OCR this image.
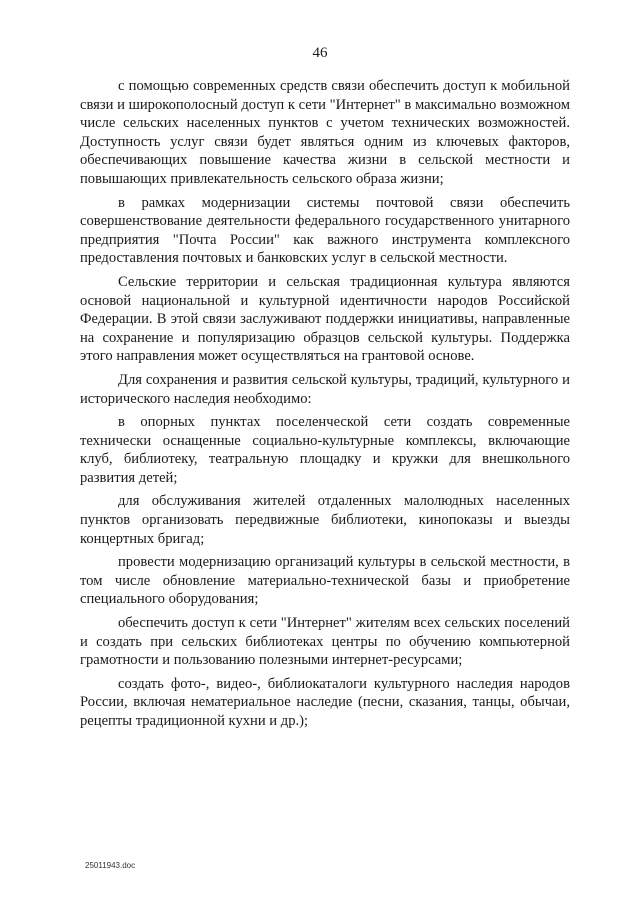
46

с помощью современных средств связи обеспечить доступ к мобильной связи и широкополосный доступ к сети "Интернет" в максимально возможном числе сельских населенных пунктов с учетом технических возможностей. Доступность услуг связи будет являться одним из ключевых факторов, обеспечивающих повышение качества жизни в сельской местности и повышающих привлекательность сельского образа жизни;

в рамках модернизации системы почтовой связи обеспечить совершенствование деятельности федерального государственного унитарного предприятия "Почта России" как важного инструмента комплексного предоставления почтовых и банковских услуг в сельской местности.

Сельские территории и сельская традиционная культура являются основой национальной и культурной идентичности народов Российской Федерации. В этой связи заслуживают поддержки инициативы, направленные на сохранение и популяризацию образцов сельской культуры. Поддержка этого направления может осуществляться на грантовой основе.

Для сохранения и развития сельской культуры, традиций, культурного и исторического наследия необходимо:

в опорных пунктах поселенческой сети создать современные технически оснащенные социально-культурные комплексы, включающие клуб, библиотеку, театральную площадку и кружки для внешкольного развития детей;

для обслуживания жителей отдаленных малолюдных населенных пунктов организовать передвижные библиотеки, кинопоказы и выезды концертных бригад;

провести модернизацию организаций культуры в сельской местности, в том числе обновление материально-технической базы и приобретение специального оборудования;

обеспечить доступ к сети "Интернет" жителям всех сельских поселений и создать при сельских библиотеках центры по обучению компьютерной грамотности и пользованию полезными интернет-ресурсами;

создать фото-, видео-, библиокаталоги культурного наследия народов России, включая нематериальное наследие (песни, сказания, танцы, обычаи, рецепты традиционной кухни и др.);

25011943.doc
